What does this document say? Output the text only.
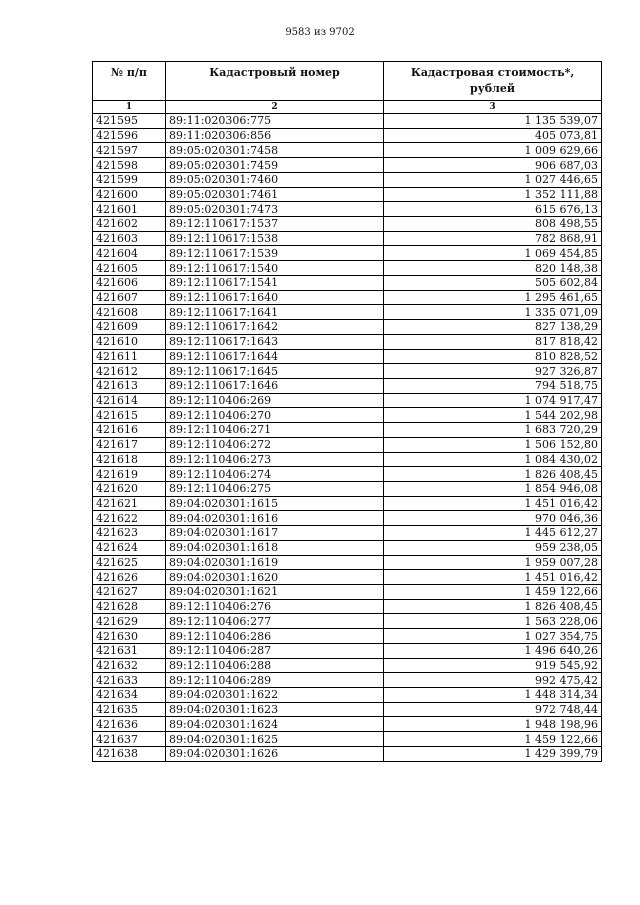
9583 из 9702
№ п/п	Кадастровый номер	Кадастровая стоимость*, рублей
1	2	3
421595	89:11:020306:775	1 135 539,07
421596	89:11:020306:856	405 073,81
421597	89:05:020301:7458	1 009 629,66
421598	89:05:020301:7459	906 687,03
421599	89:05:020301:7460	1 027 446,65
421600	89:05:020301:7461	1 352 111,88
421601	89:05:020301:7473	615 676,13
421602	89:12:110617:1537	808 498,55
421603	89:12:110617:1538	782 868,91
421604	89:12:110617:1539	1 069 454,85
421605	89:12:110617:1540	820 148,38
421606	89:12:110617:1541	505 602,84
421607	89:12:110617:1640	1 295 461,65
421608	89:12:110617:1641	1 335 071,09
421609	89:12:110617:1642	827 138,29
421610	89:12:110617:1643	817 818,42
421611	89:12:110617:1644	810 828,52
421612	89:12:110617:1645	927 326,87
421613	89:12:110617:1646	794 518,75
421614	89:12:110406:269	1 074 917,47
421615	89:12:110406:270	1 544 202,98
421616	89:12:110406:271	1 683 720,29
421617	89:12:110406:272	1 506 152,80
421618	89:12:110406:273	1 084 430,02
421619	89:12:110406:274	1 826 408,45
421620	89:12:110406:275	1 854 946,08
421621	89:04:020301:1615	1 451 016,42
421622	89:04:020301:1616	970 046,36
421623	89:04:020301:1617	1 445 612,27
421624	89:04:020301:1618	959 238,05
421625	89:04:020301:1619	1 959 007,28
421626	89:04:020301:1620	1 451 016,42
421627	89:04:020301:1621	1 459 122,66
421628	89:12:110406:276	1 826 408,45
421629	89:12:110406:277	1 563 228,06
421630	89:12:110406:286	1 027 354,75
421631	89:12:110406:287	1 496 640,26
421632	89:12:110406:288	919 545,92
421633	89:12:110406:289	992 475,42
421634	89:04:020301:1622	1 448 314,34
421635	89:04:020301:1623	972 748,44
421636	89:04:020301:1624	1 948 198,96
421637	89:04:020301:1625	1 459 122,66
421638	89:04:020301:1626	1 429 399,79
